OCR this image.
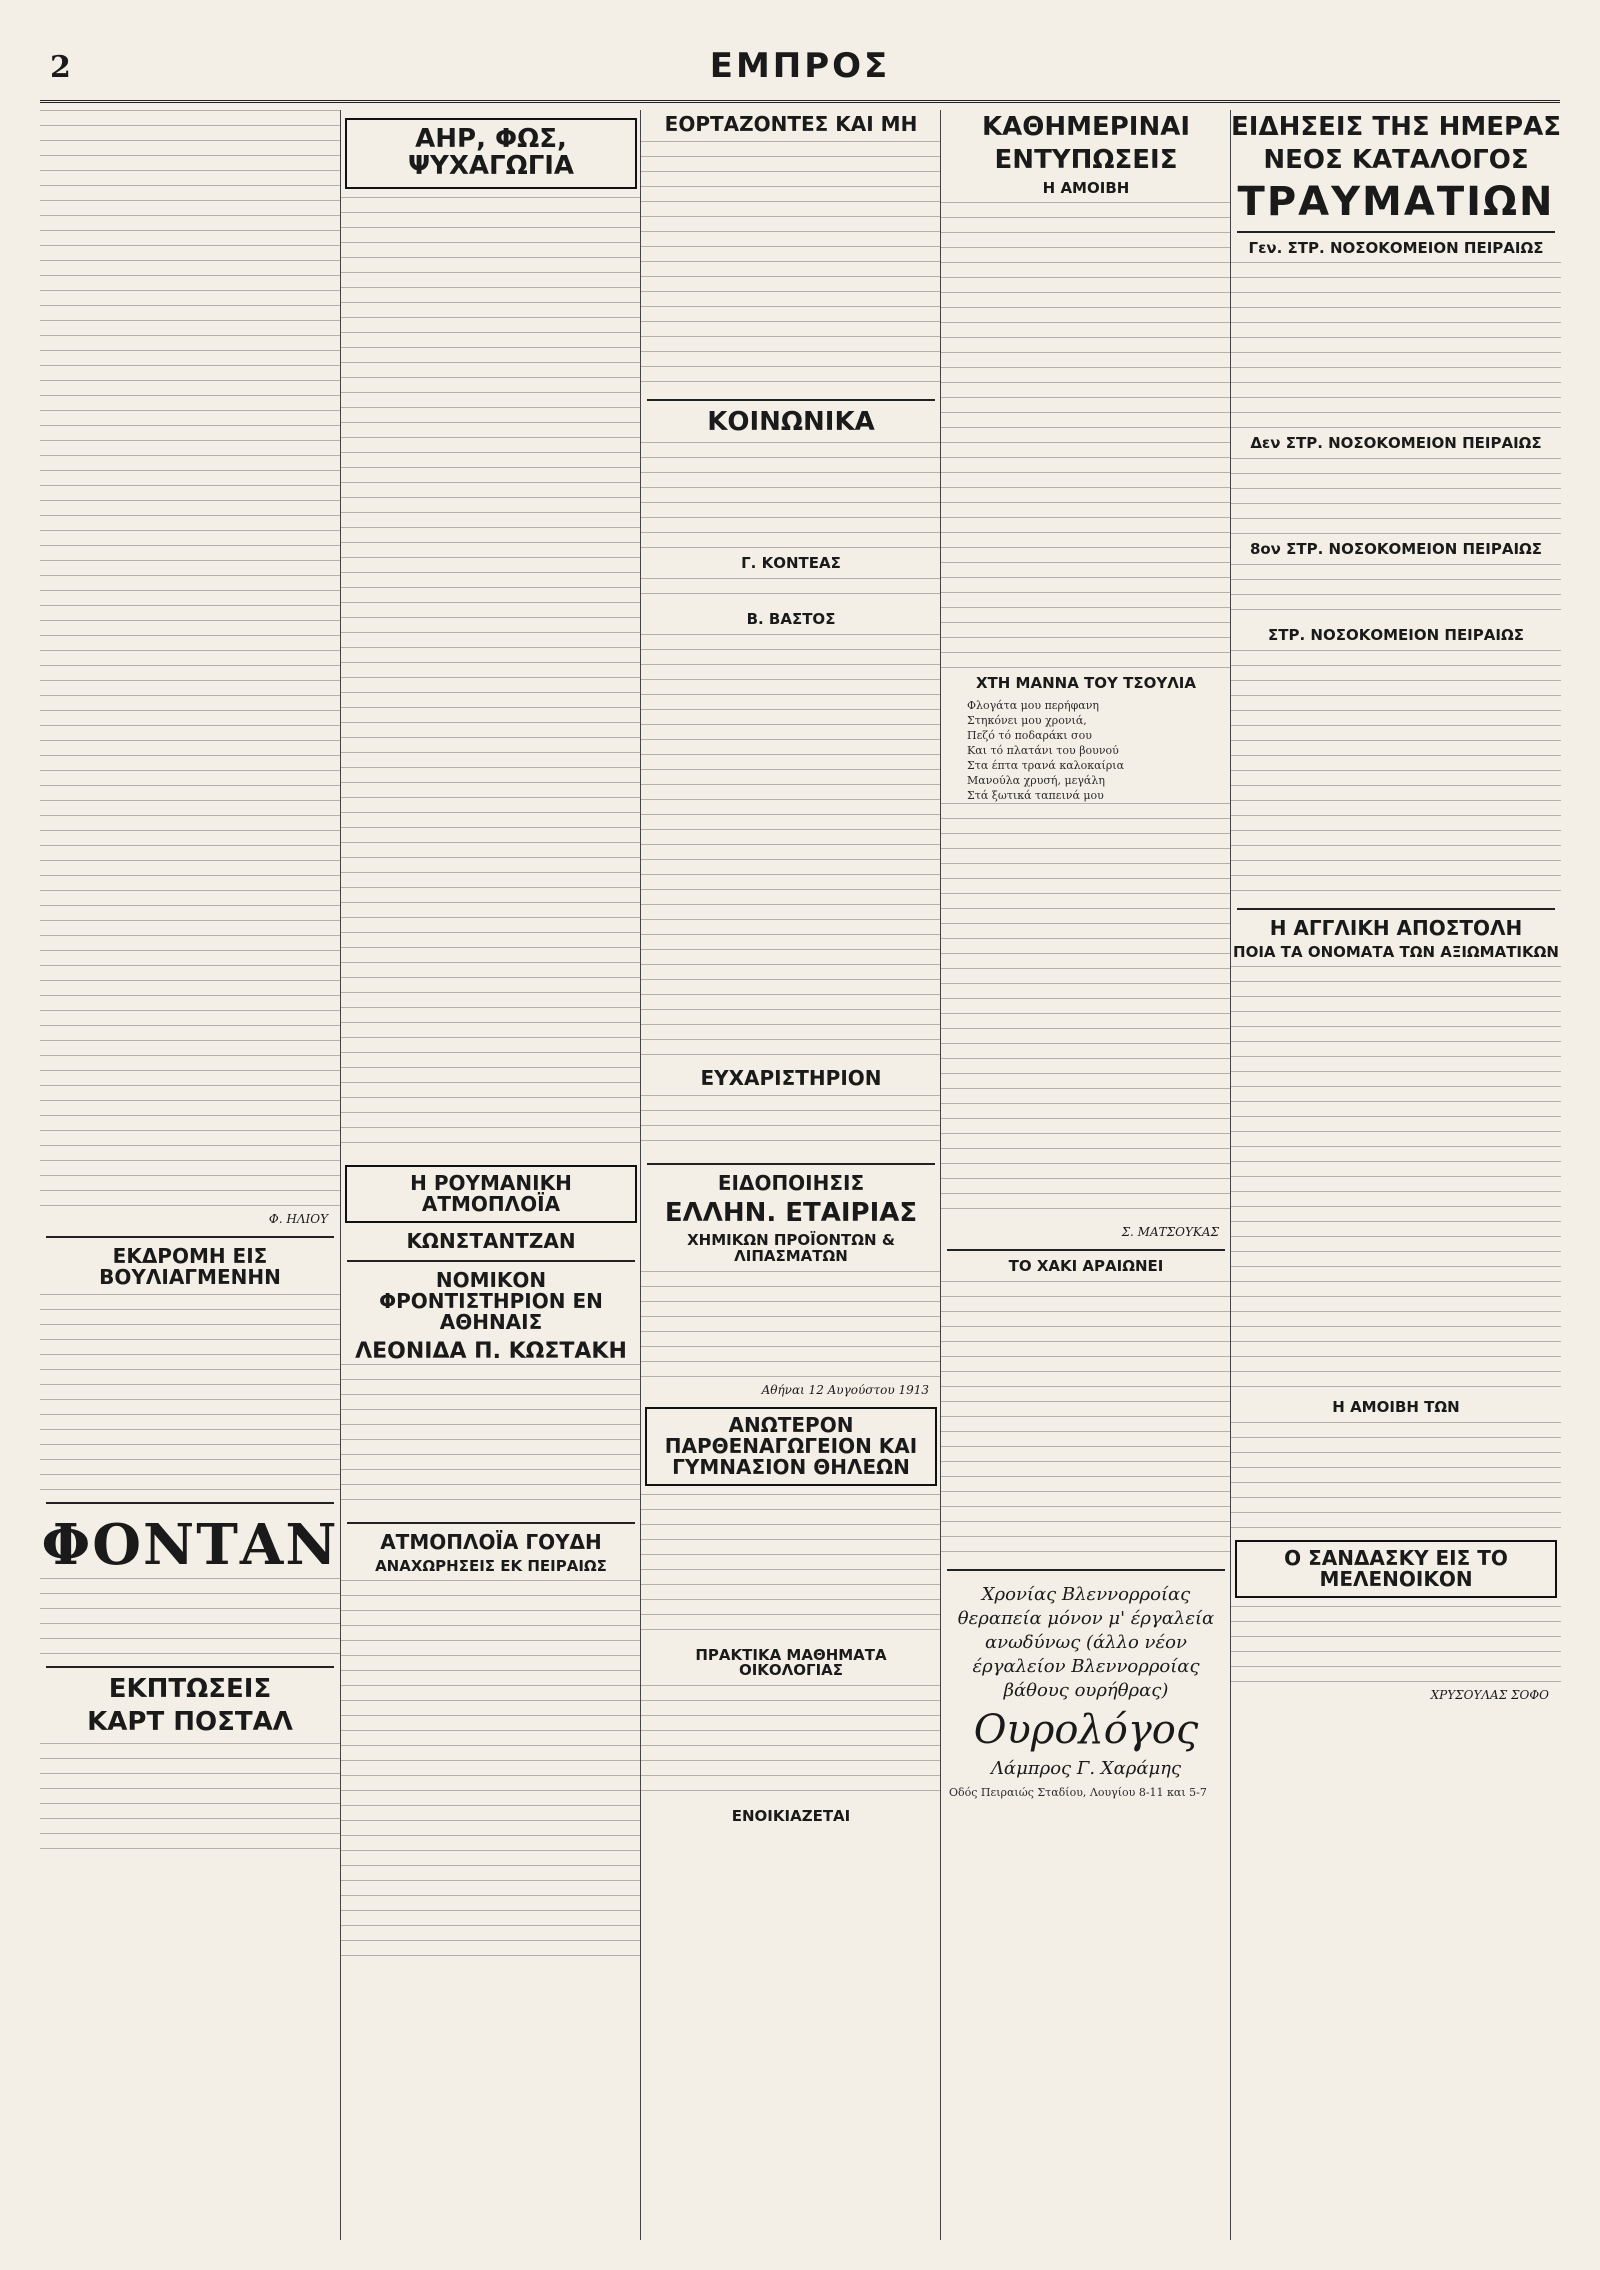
2	ΕΜΠΡΟΣ
Φ. ΗΛΙΟΥ
ΕΚΔΡΟΜΗ ΕΙΣ ΒΟΥΛΙΑΓΜΕΝΗΝ
ΦΟΝΤΑΝ
ΕΚΠΤΩΣΕΙΣ
ΚΑΡΤ ΠΟΣΤΑΛ
ΑΗΡ, ΦΩΣ, ΨΥΧΑΓΩΓΙΑ
Η ΡΟΥΜΑΝΙΚΗ ΑΤΜΟΠΛΟΪΑ
ΚΩΝΣΤΑΝΤΖΑΝ
ΝΟΜΙΚΟΝ ΦΡΟΝΤΙΣΤΗΡΙΟΝ ΕΝ ΑΘΗΝΑΙΣ
ΛΕΟΝΙΔΑ Π. ΚΩΣΤΑΚΗ
ΑΤΜΟΠΛΟΪΑ ΓΟΥΔΗ
ΑΝΑΧΩΡΗΣΕΙΣ ΕΚ ΠΕΙΡΑΙΩΣ
ΕΟΡΤΑΖΟΝΤΕΣ ΚΑΙ ΜΗ
ΚΟΙΝΩΝΙΚΑ
Γ. ΚΟΝΤΕΑΣ
Β. ΒΑΣΤΟΣ
ΕΥΧΑΡΙΣΤΗΡΙΟΝ
ΕΙΔΟΠΟΙΗΣΙΣ
ΕΛΛΗΝ. ΕΤΑΙΡΙΑΣ
ΧΗΜΙΚΩΝ ΠΡΟΪΟΝΤΩΝ & ΛΙΠΑΣΜΑΤΩΝ
Αθήναι 12 Αυγούστου 1913
ΑΝΩΤΕΡΟΝ ΠΑΡΘΕΝΑΓΩΓΕΙΟΝ ΚΑΙ ΓΥΜΝΑΣΙΟΝ ΘΗΛΕΩΝ
ΠΡΑΚΤΙΚΑ ΜΑΘΗΜΑΤΑ ΟΙΚΟΛΟΓΙΑΣ
ΕΝΟΙΚΙΑΖΕΤΑΙ
ΚΑΘΗΜΕΡΙΝΑΙ
ΕΝΤΥΠΩΣΕΙΣ
Η ΑΜΟΙΒΗ
ΧΤΗ ΜΑΝΝΑ ΤΟΥ ΤΣΟΥΛΙΑ
Φλογάτα μου περήφανη
Στηκόνει μου χρονιά,
Πεζό τό ποδαράκι σου
Και τό πλατάνι του βουνού
Στα έπτα τρανά καλοκαίρια
Μανούλα χρυσή, μεγάλη
Στά ξωτικά ταπεινά μου
Σ. ΜΑΤΣΟΥΚΑΣ
ΤΟ ΧΑΚΙ ΑΡΑΙΩΝΕΙ
Χρονίας Βλεννορροίας θεραπεία μόνον μ' έργαλεία ανωδύνως (άλλο νέον έργαλείον Βλεννορροίας βάθους ουρήθρας)
Ουρολόγος
Λάμπρος Γ. Χαράμης
Οδός Πειραιώς Σταδίου, Λουγίου 8-11 και 5-7
ΕΙΔΗΣΕΙΣ ΤΗΣ ΗΜΕΡΑΣ
ΝΕΟΣ ΚΑΤΑΛΟΓΟΣ
ΤΡΑΥΜΑΤΙΩΝ
Γεν. ΣΤΡ. ΝΟΣΟΚΟΜΕΙΟΝ ΠΕΙΡΑΙΩΣ
Δεν ΣΤΡ. ΝΟΣΟΚΟΜΕΙΟΝ ΠΕΙΡΑΙΩΣ
8ον ΣΤΡ. ΝΟΣΟΚΟΜΕΙΟΝ ΠΕΙΡΑΙΩΣ
ΣΤΡ. ΝΟΣΟΚΟΜΕΙΟΝ ΠΕΙΡΑΙΩΣ
Η ΑΓΓΛΙΚΗ ΑΠΟΣΤΟΛΗ
ΠΟΙΑ ΤΑ ΟΝΟΜΑΤΑ ΤΩΝ ΑΞΙΩΜΑΤΙΚΩΝ
Η ΑΜΟΙΒΗ ΤΩΝ
Ο ΣΑΝΔΑΣΚΥ ΕΙΣ ΤΟ ΜΕΛΕΝΟΙΚΟΝ
ΧΡΥΣΟΥΛΑΣ ΣΟΦΟ
